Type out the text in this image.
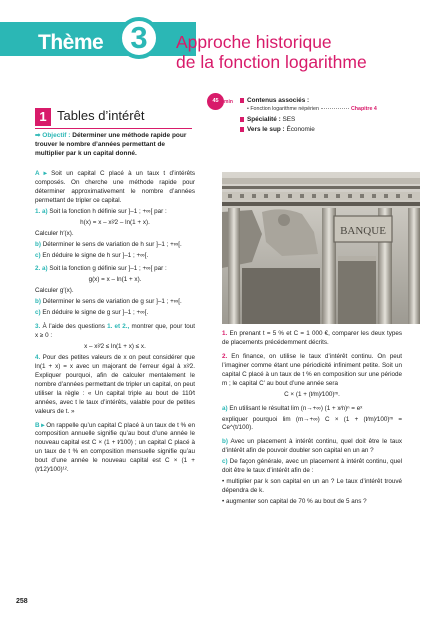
Thème 3	Approche historique
de la fonction logarithme
1 Tables d’intérêt
45	min	Contenus associés :
• Fonction logarithme népérien	Chapitre 4
Spécialité : SES
Vers le sup : Économie
➡ Objectif : Déterminer une méthode rapide pour trouver le nombre d’années permettant de multiplier par k un capital donné.

A ▸ Soit un capital C placé à un taux t d’intérêts composés. On cherche une méthode rapide pour déterminer approximativement le nombre d’années permettant de tripler ce capital.

1. a) Soit la fonction h définie sur ]–1 ; +∞[ par :

h(x) = x – x²⁄2 – ln(1 + x).

Calculer h′(x).

b) Déterminer le sens de variation de h sur ]–1 ; +∞[.

c) En déduire le signe de h sur ]–1 ; +∞[.

2. a) Soit la fonction g définie sur ]–1 ; +∞[ par :

g(x) = x – ln(1 + x).

Calculer g′(x).

b) Déterminer le sens de variation de g sur ]–1 ; +∞[.

c) En déduire le signe de g sur ]–1 ; +∞[.

3. À l’aide des questions 1. et 2., montrer que, pour tout x ≥ 0 :

x – x²⁄2 ≤ ln(1 + x) ≤ x.

4. Pour des petites valeurs de x on peut considérer que ln(1 + x) = x avec un majorant de l’erreur égal à x²⁄2. Expliquer pourquoi, afin de calculer mentalement le nombre d’années permettant de tripler un capital, on peut utiliser la règle : « Un capital triple au bout de 110⁄t années, avec t le taux d’intérêts, valable pour de petites valeurs de t. »

B ▸ On rappelle qu’un capital C placé à un taux de t % en composition annuelle signifie qu’au bout d’une année le nouveau capital est C × (1 + t⁄100) ; un capital C placé à un taux de t % en composition mensuelle signifie qu’au bout d’une année le nouveau capital est C × (1 + (t⁄12)⁄100)¹².

BANQUE

1. En prenant t = 5 % et C = 1 000 €, comparer les deux types de placements précédemment décrits.

2. En finance, on utilise le taux d’intérêt continu. On peut l’imaginer comme étant une périodicité infiniment petite. Soit un capital C placé à un taux de t % en composition sur une période m ; le capital C′ au bout d’une année sera

C × (1 + (t⁄m)⁄100)ᵐ.

a) En utilisant le résultat lim (n→+∞) (1 + x⁄n)ⁿ = eˣ

expliquer pourquoi lim (m→+∞) C × (1 + (t⁄m)⁄100)ᵐ = Ce^(t/100).

b) Avec un placement à intérêt continu, quel doit être le taux d’intérêt afin de pouvoir doubler son capital en un an ?

c) De façon générale, avec un placement à intérêt continu, quel doit être le taux d’intérêt afin de :

• multiplier par k son capital en un an ? Le taux d’intérêt trouvé dépendra de k.

• augmenter son capital de 70 % au bout de 5 ans ?

258
